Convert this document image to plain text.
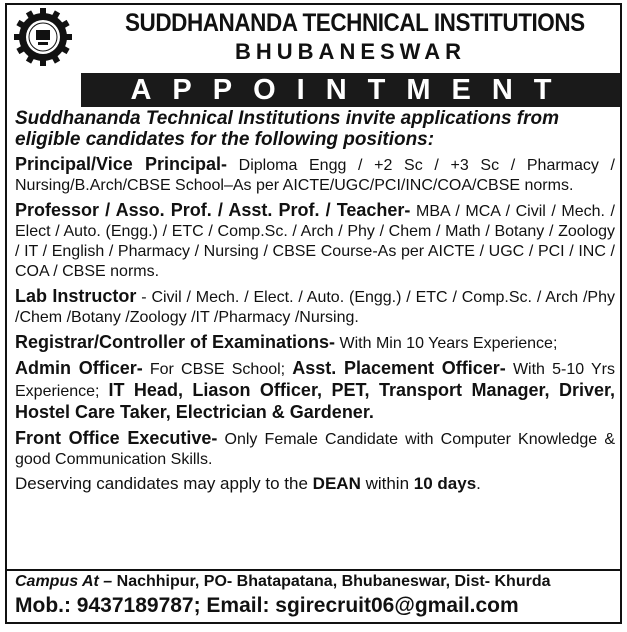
SUDDHANANDA TECHNICAL INSTITUTIONS
BHUBANESWAR
APPOINTMENT
Suddhananda Technical Institutions invite applications from eligible candidates for the following positions:
Principal/Vice Principal- Diploma Engg / +2 Sc / +3 Sc / Pharmacy / Nursing/B.Arch/CBSE School–As per AICTE/UGC/PCI/INC/COA/CBSE norms.
Professor / Asso. Prof. / Asst. Prof. / Teacher- MBA / MCA / Civil / Mech. / Elect / Auto. (Engg.) / ETC / Comp.Sc. / Arch / Phy / Chem / Math / Botany / Zoology / IT / English / Pharmacy / Nursing / CBSE Course-As per AICTE / UGC / PCI / INC / COA / CBSE norms.
Lab Instructor - Civil / Mech. / Elect. / Auto. (Engg.) / ETC / Comp.Sc. / Arch /Phy /Chem /Botany /Zoology /IT /Pharmacy /Nursing.
Registrar/Controller of Examinations- With Min 10 Years Experience;
Admin Officer- For CBSE School; Asst. Placement Officer- With 5-10 Yrs Experience; IT Head, Liason Officer, PET, Transport Manager, Driver, Hostel Care Taker, Electrician & Gardener.
Front Office Executive- Only Female Candidate with Computer Knowledge & good Communication Skills.
Deserving candidates may apply to the DEAN within 10 days.
Campus At – Nachhipur, PO- Bhatapatana, Bhubaneswar, Dist- Khurda
Mob.: 9437189787; Email: sgirecruit06@gmail.com
